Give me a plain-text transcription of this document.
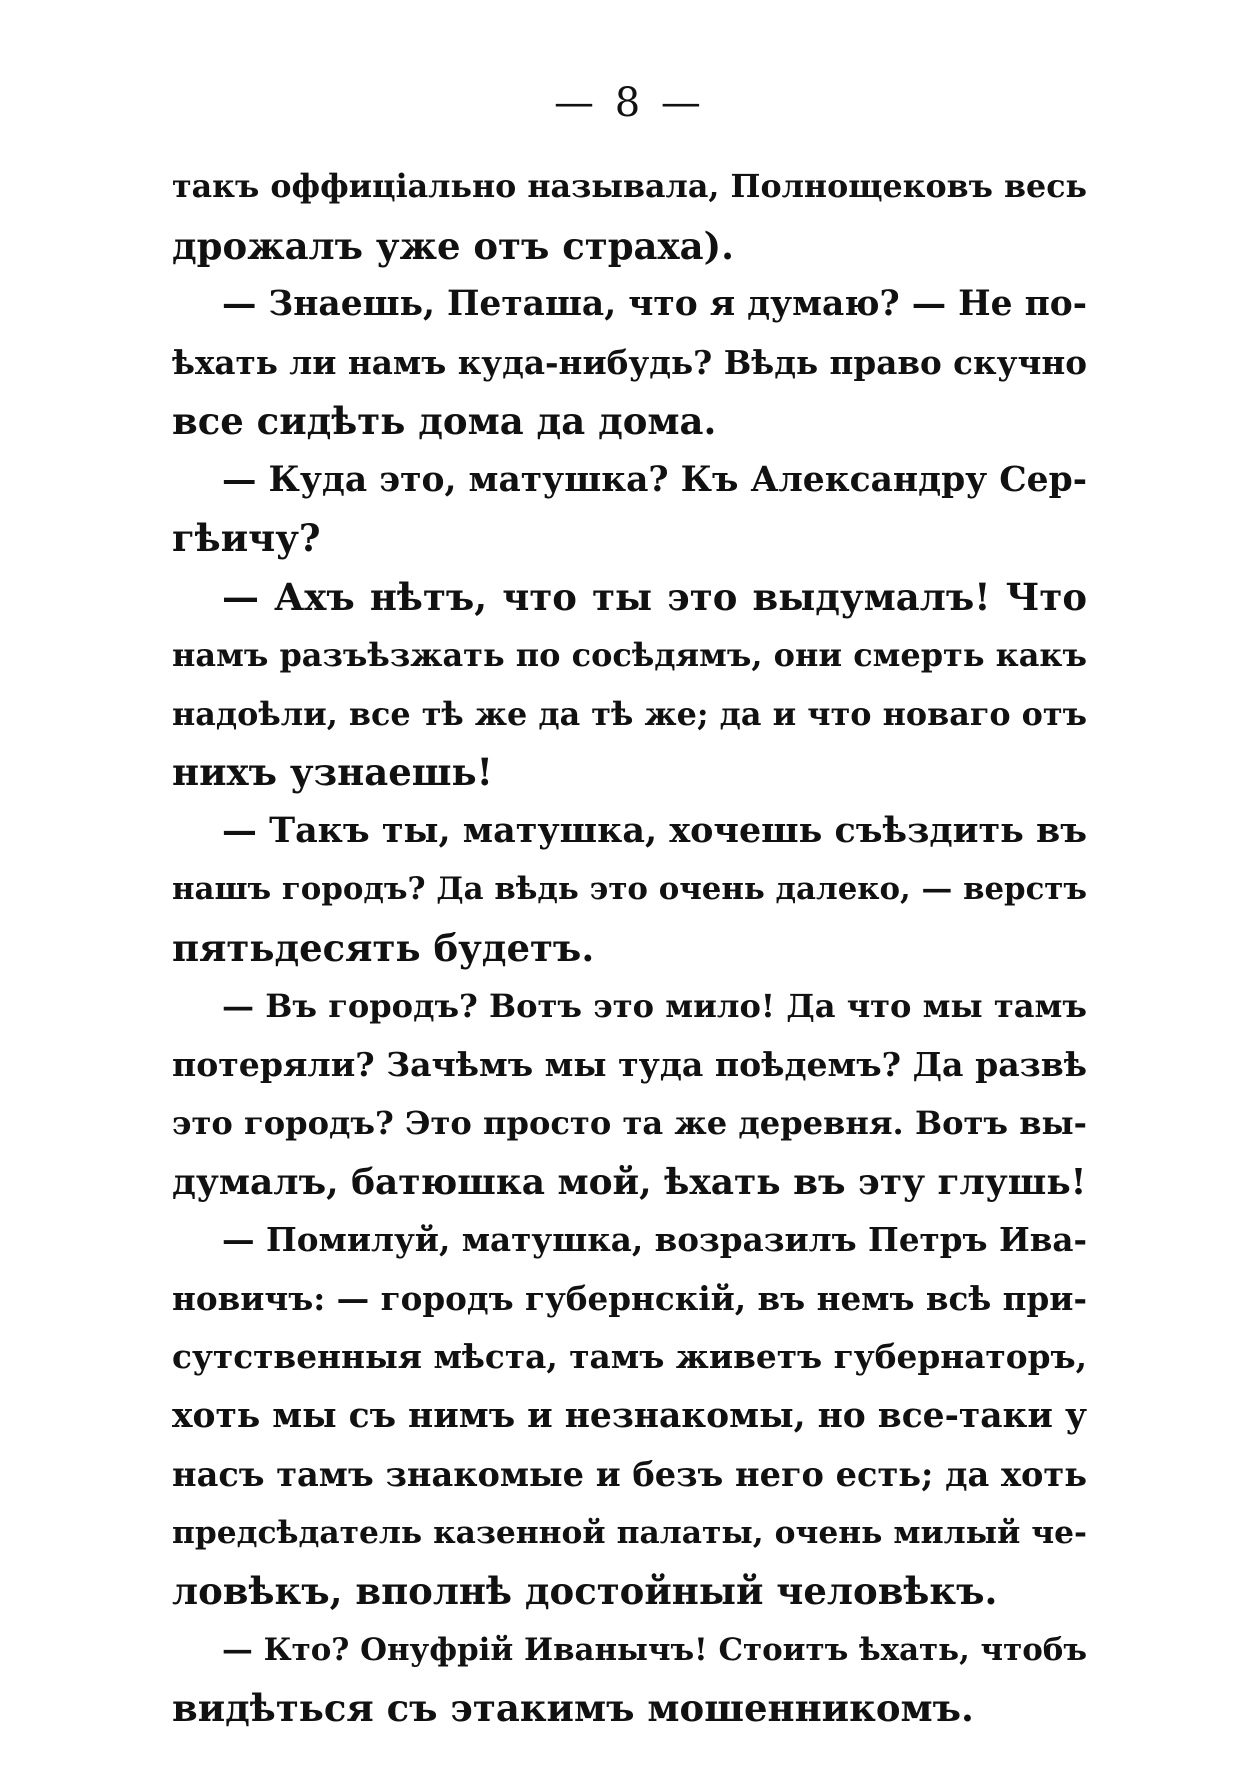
— 8 —
такъ оффиціально называла, Полнощековъ весь
дрожалъ уже отъ страха).
— Знаешь, Петаша, что я думаю? — Не по-
ѣхать ли намъ куда-нибудь? Вѣдь право скучно
все сидѣть дома да дома.
— Куда это, матушка? Къ Александру Сер-
гѣичу?
— Ахъ нѣтъ, что ты это выдумалъ! Что
намъ разъѣзжать по сосѣдямъ, они смерть какъ
надоѣли, все тѣ же да тѣ же; да и что новаго отъ
нихъ узнаешь!
— Такъ ты, матушка, хочешь съѣздить въ
нашъ городъ? Да вѣдь это очень далеко, — верстъ
пятьдесять будетъ.
— Въ городъ? Вотъ это мило! Да что мы тамъ
потеряли? Зачѣмъ мы туда поѣдемъ? Да развѣ
это городъ? Это просто та же деревня. Вотъ вы-
думалъ, батюшка мой, ѣхать въ эту глушь!
— Помилуй, матушка, возразилъ Петръ Ива-
новичъ: — городъ губернскій, въ немъ всѣ при-
сутственныя мѣста, тамъ живетъ губернаторъ,
хоть мы съ нимъ и незнакомы, но все-таки у
насъ тамъ знакомые и безъ него есть; да хоть
предсѣдатель казенной палаты, очень милый че-
ловѣкъ, вполнѣ достойный человѣкъ.
— Кто? Онуфрій Иванычъ! Стоитъ ѣхать, чтобъ
видѣться съ этакимъ мошенникомъ.
